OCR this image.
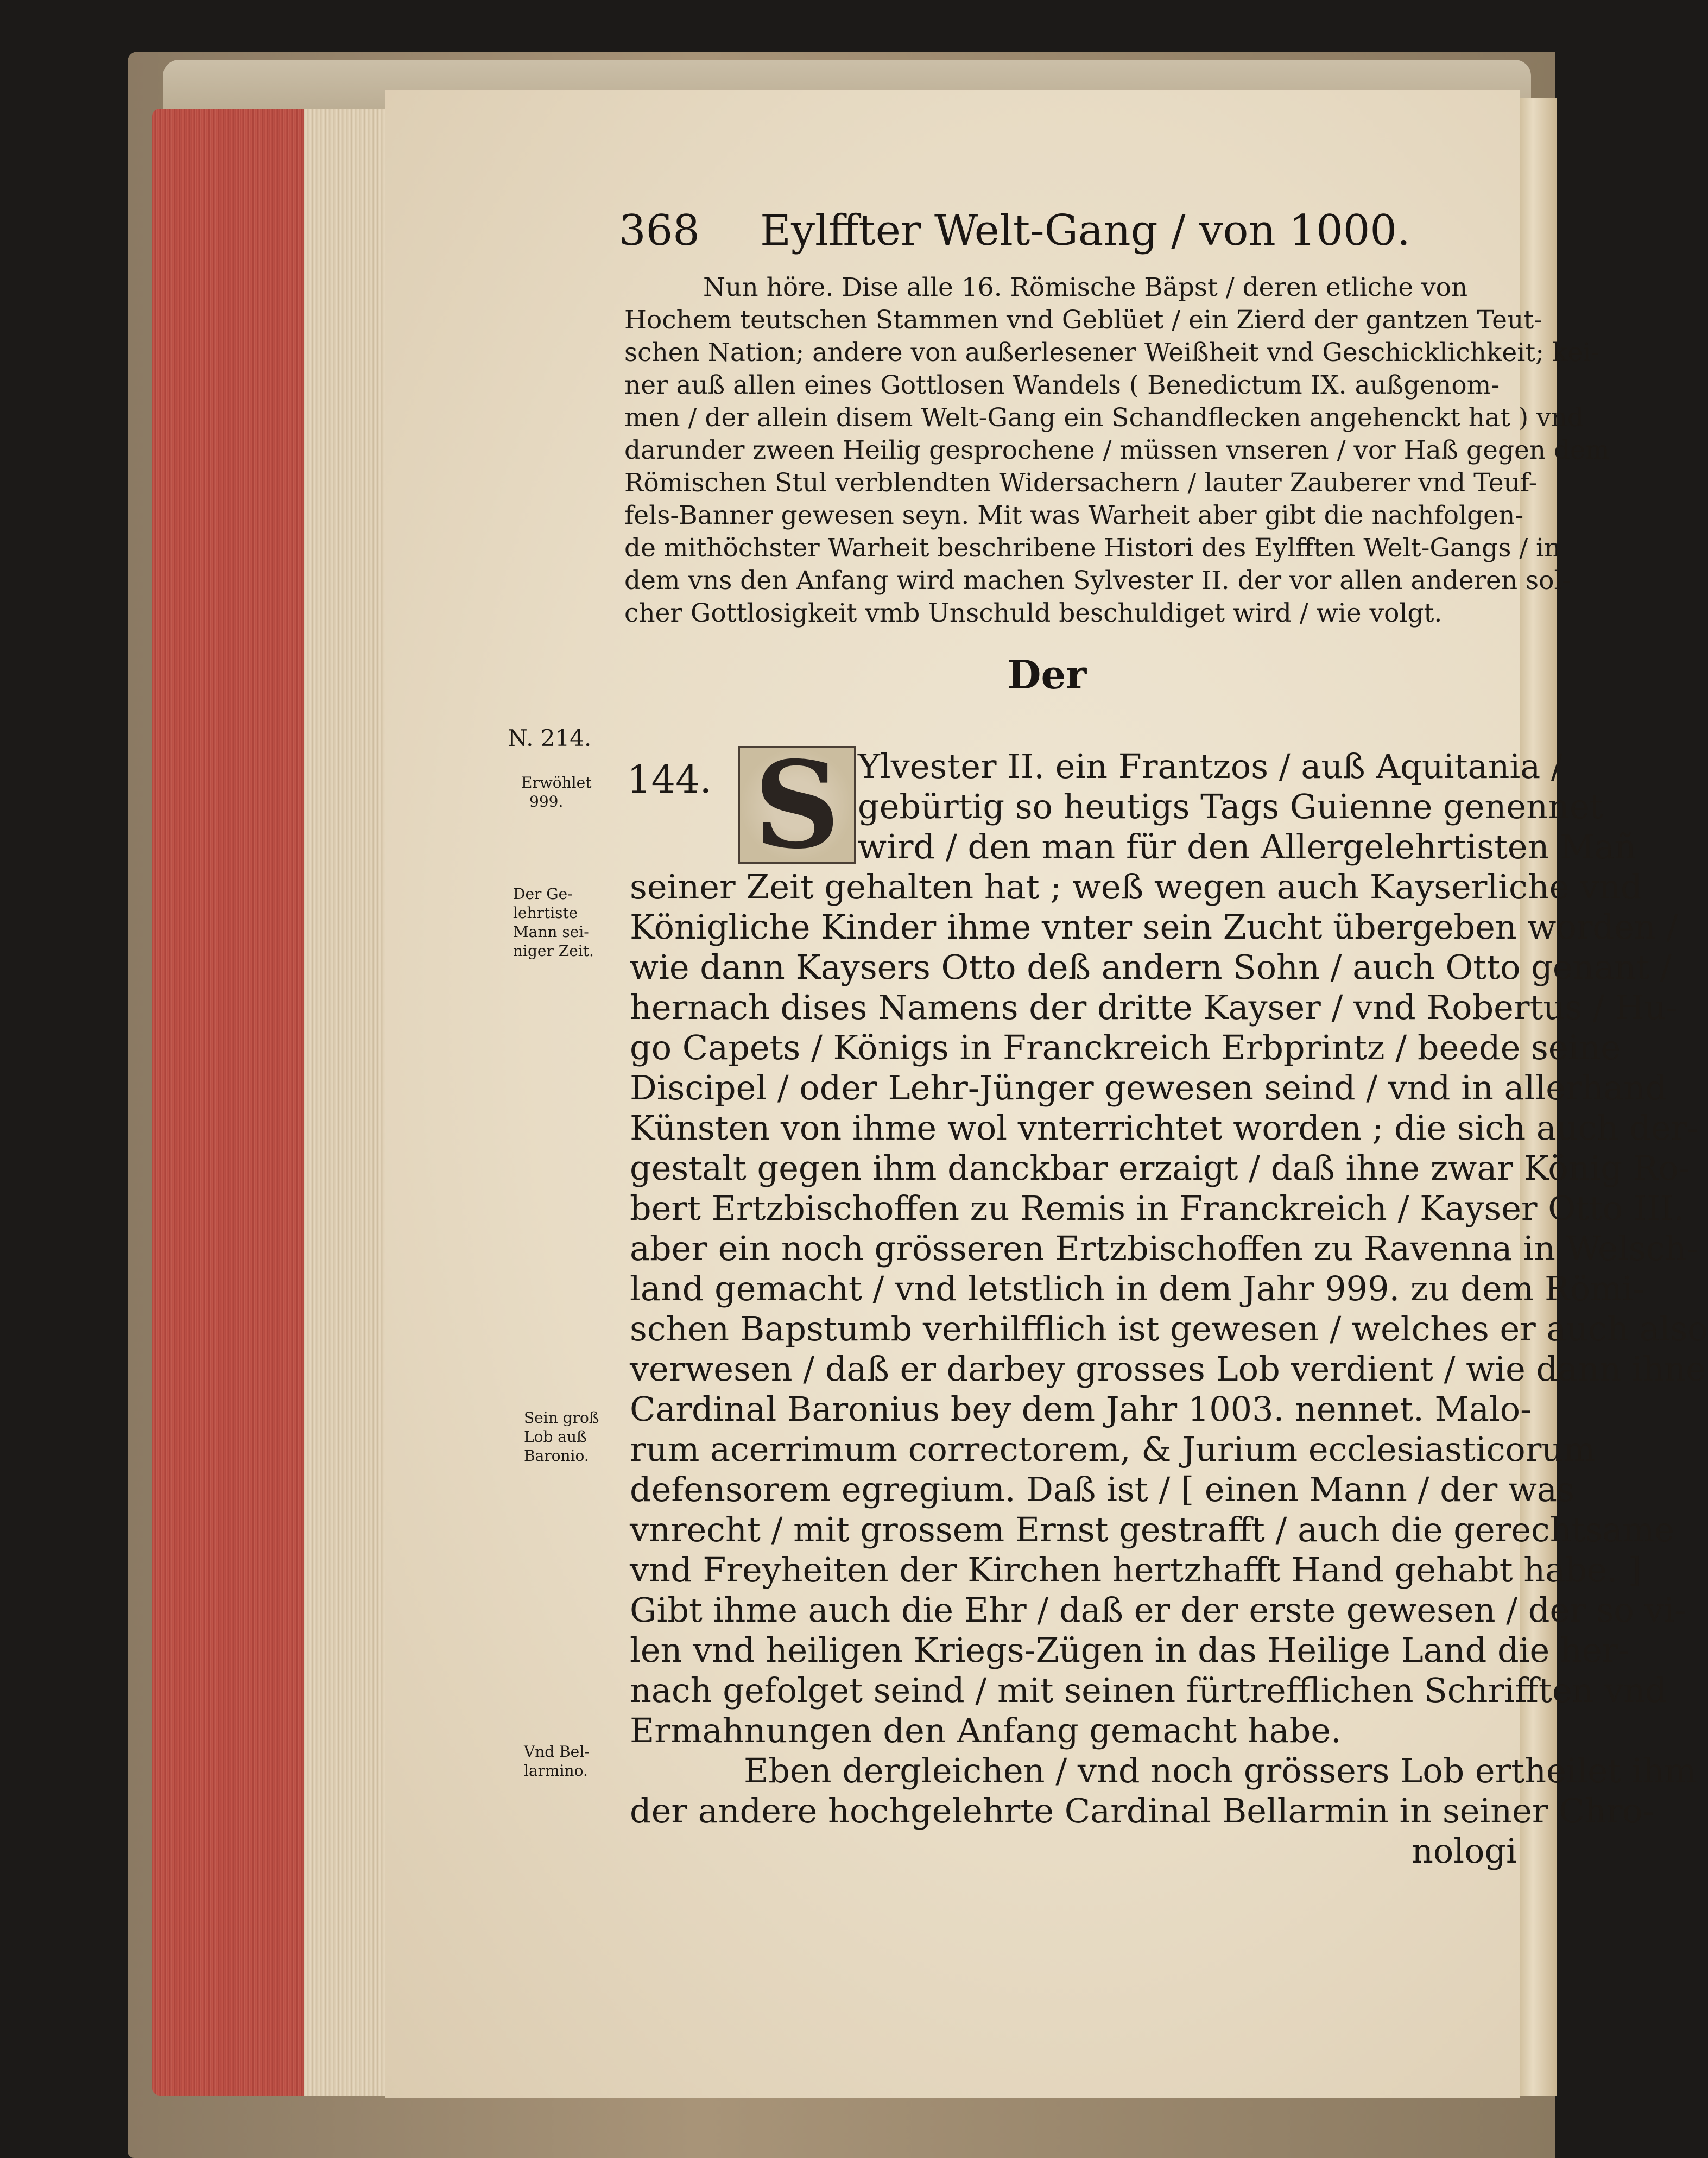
368 Eylffter Welt-Gang / von 1000.

Nun höre. Dise alle 16. Römische Bäpst / deren etliche von

Hochem teutschen Stammen vnd Geblüet / ein Zierd der gantzen Teut-

schen Nation; andere von außerlesener Weißheit vnd Geschicklichkeit; kei-

ner auß allen eines Gottlosen Wandels ( Benedictum IX. außgenom-

men / der allein disem Welt-Gang ein Schandflecken angehenckt hat ) vnd

darunder zween Heilig gesprochene / müssen vnseren / vor Haß gegen dem

Römischen Stul verblendten Widersachern / lauter Zauberer vnd Teuf-

fels-Banner gewesen seyn. Mit was Warheit aber gibt die nachfolgen-

de mithöchster Warheit beschribene Histori des Eylfften Welt-Gangs / in

dem vns den Anfang wird machen Sylvester II. der vor allen anderen sol-

cher Gottlosigkeit vmb Unschuld beschuldiget wird / wie volgt.

Der
N. 214.
Erwöhlet
999.
Der Ge-
lehrtiste
Mann sei-
niger Zeit.
Sein groß
Lob auß
Baronio.
Vnd Bel-
larmino.
144. S Ylvester II. ein Frantzos / auß Aquitania /

gebürtig so heutigs Tags Guienne genennet

wird / den man für den Allergelehrtisten Mañ

seiner Zeit gehalten hat ; weß wegen auch Kayserliche vnd

Königliche Kinder ihme vnter sein Zucht übergeben worden /

wie dann Kaysers Otto deß andern Sohn / auch Otto genant /

hernach dises Namens der dritte Kayser / vnd Robertus / Hu-

go Capets / Königs in Franckreich Erbprintz / beede seine

Discipel / oder Lehr-Jünger gewesen seind / vnd in allerhand

Künsten von ihme wol vnterrichtet worden ; die sich auch der-

gestalt gegen ihm danckbar erzaigt / daß ihne zwar König Ro-

bert Ertzbischoffen zu Remis in Franckreich / Kayser Otto III.

aber ein noch grösseren Ertzbischoffen zu Ravenna in Welsch-

land gemacht / vnd letstlich in dem Jahr 999. zu dem Römi-

schen Bapstumb verhilfflich ist gewesen / welches er auch also

verwesen / daß er darbey grosses Lob verdient / wie dann ihne

Cardinal Baronius bey dem Jahr 1003. nennet. Malo-

rum acerrimum correctorem, & Jurium ecclesiasticorum

defensorem egregium. Daß ist / [ einen Mann / der was

vnrecht / mit grossem Ernst gestrafft / auch die gerechtsame

vnd Freyheiten der Kirchen hertzhafft Hand gehabt habe. ]

Gibt ihme auch die Ehr / daß er der erste gewesen / der so vi-

len vnd heiligen Kriegs-Zügen in das Heilige Land die her-

nach gefolget seind / mit seinen fürtrefflichen Schrifften vnd

Ermahnungen den Anfang gemacht habe.

Eben dergleichen / vnd noch grössers Lob ertheilet ihm

der andere hochgelehrte Cardinal Bellarmin in seiner Chro-

nologi
